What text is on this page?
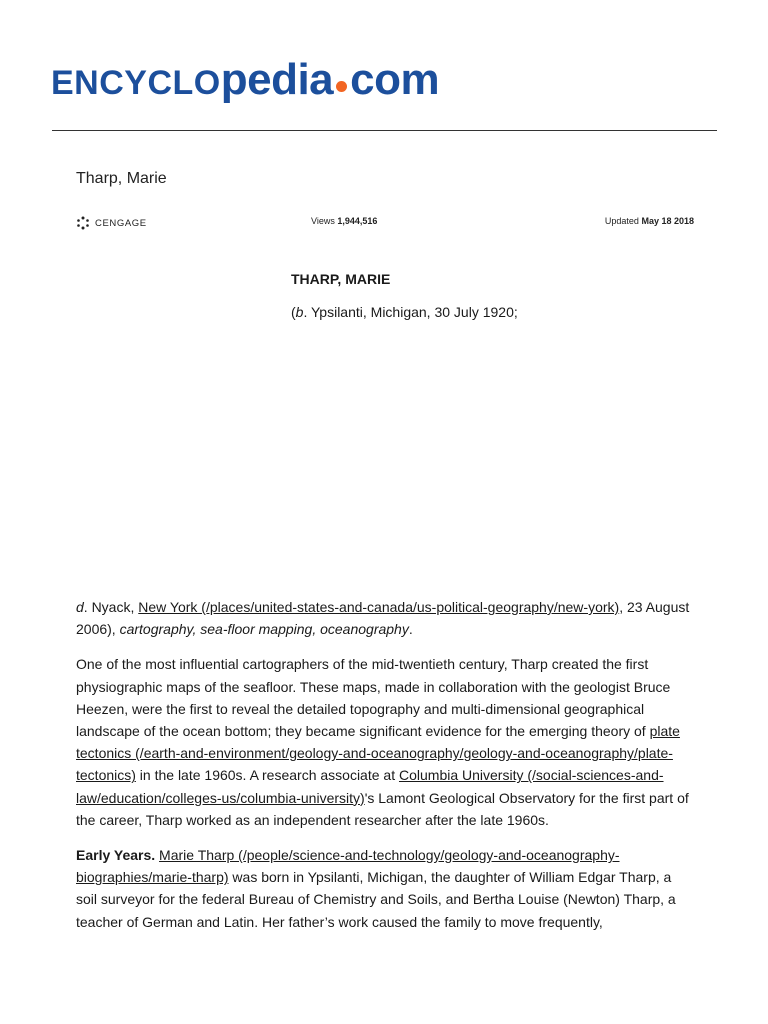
ENCYCLOpedia com
Tharp, Marie
CENGAGE	Views 1,944,516	Updated May 18 2018
THARP, MARIE
(b. Ypsilanti, Michigan, 30 July 1920;

d. Nyack, New York (/places/united-states-and-canada/us-political-geography/new-york), 23 August 2006), cartography, sea-floor mapping, oceanography.

One of the most influential cartographers of the mid-twentieth century, Tharp created the first physiographic maps of the seafloor. These maps, made in collaboration with the geologist Bruce Heezen, were the first to reveal the detailed topography and multi-dimensional geographical landscape of the ocean bottom; they became significant evidence for the emerging theory of plate tectonics (/earth-and-environment/geology-and-oceanography/geology-and-oceanography/plate-tectonics) in the late 1960s. A research associate at Columbia University (/social-sciences-and-law/education/colleges-us/columbia-university)'s Lamont Geological Observatory for the first part of the career, Tharp worked as an independent researcher after the late 1960s.

Early Years. Marie Tharp (/people/science-and-technology/geology-and-oceanography-biographies/marie-tharp) was born in Ypsilanti, Michigan, the daughter of William Edgar Tharp, a soil surveyor for the federal Bureau of Chemistry and Soils, and Bertha Louise (Newton) Tharp, a teacher of German and Latin. Her father’s work caused the family to move frequently,
